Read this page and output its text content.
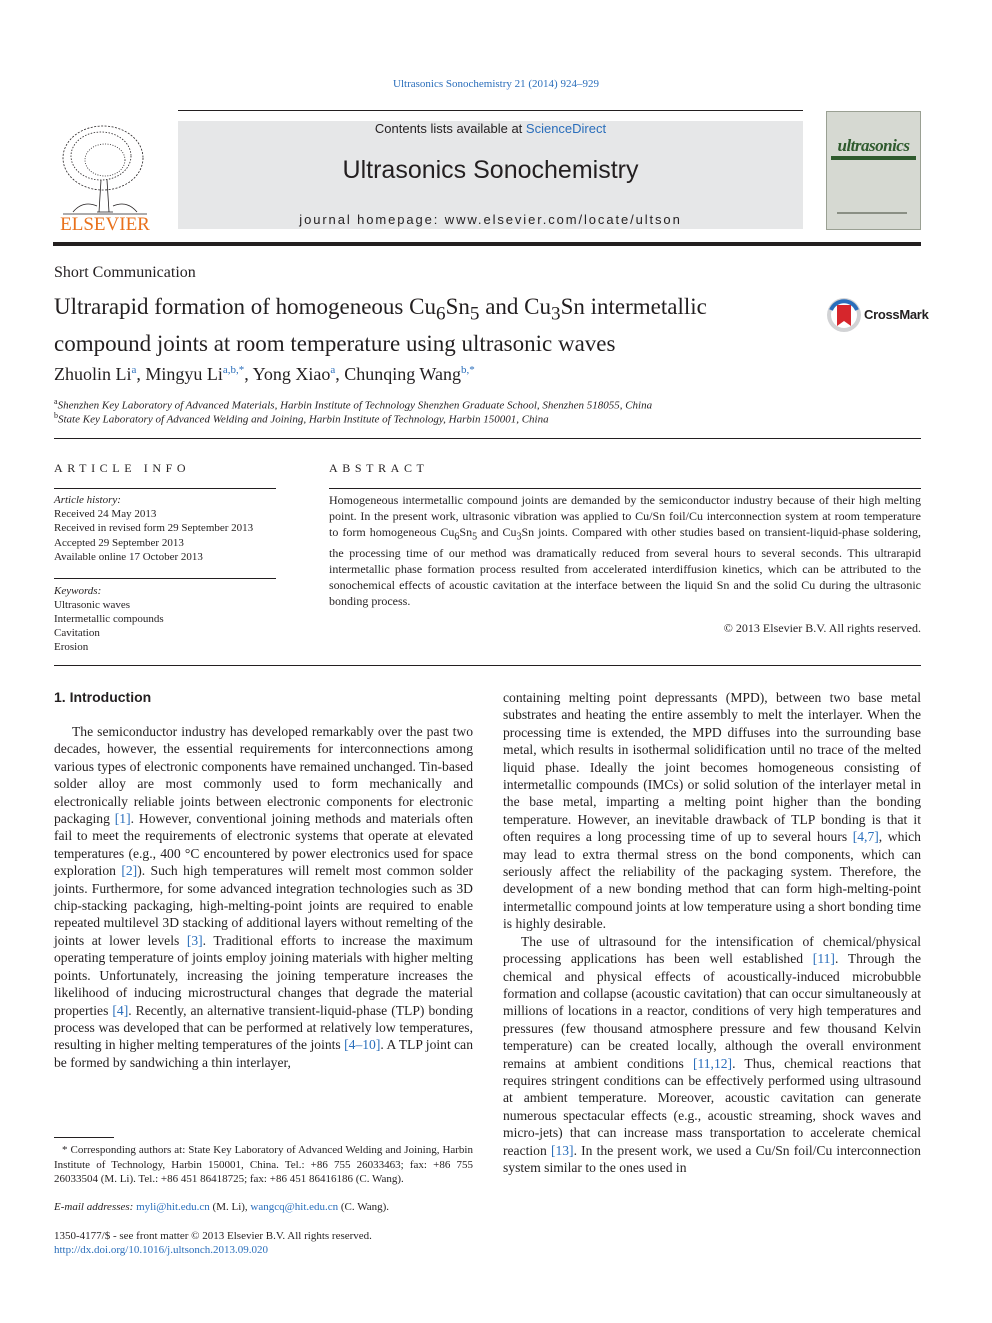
Ultrasonics Sonochemistry 21 (2014) 924–929
ELSEVIER
Contents lists available at ScienceDirect
Ultrasonics Sonochemistry
journal homepage: www.elsevier.com/locate/ultson
ultrasonics
Short Communication
Ultrarapid formation of homogeneous $Cu_6Sn_5$ and $Cu_3Sn$ intermetallic
compound joints at room temperature using ultrasonic waves
CrossMark
Zhuolin Li$^a$, Mingyu $Li^{a,b,*}$, Yong Xiao$^a$, Chunqing Wang$^{b,*}$
$^a$Shenzhen Key Laboratory of Advanced Materials, Harbin Institute of Technology Shenzhen Graduate School, Shenzhen 518055, China
$^b$State Key Laboratory of Advanced Welding and Joining, Harbin Institute of Technology, Harbin 150001, China
ARTICLE INFO	ABSTRACT
Article history:
Received 24 May 2013
Received in revised form 29 September 2013
Accepted 29 September 2013
Available online 17 October 2013
Keywords:
Ultrasonic waves
Intermetallic compounds
Cavitation
Erosion
Homogeneous intermetallic compound joints are demanded by the semiconductor industry because of their high melting point. In the present work, ultrasonic vibration was applied to Cu/Sn foil/Cu interconnection system at room temperature to form homogeneous $Cu_6Sn_5$ and $Cu_3Sn$ joints. Compared with other studies based on transient-liquid-phase soldering, the processing time of our method was dramatically reduced from several hours to several seconds. This ultrarapid intermetallic phase formation process resulted from accelerated interdiffusion kinetics, which can be attributed to the sonochemical effects of acoustic cavitation at the interface between the liquid Sn and the solid Cu during the ultrasonic bonding process.
© 2013 Elsevier B.V. All rights reserved.
1. Introduction
The semiconductor industry has developed remarkably over the past two decades, however, the essential requirements for interconnections among various types of electronic components have remained unchanged. Tin-based solder alloy are most commonly used to form mechanically and electronically reliable joints between electronic components for electronic packaging [1]. However, conventional joining methods and materials often fail to meet the requirements of electronic systems that operate at elevated temperatures (e.g., 400 °C encountered by power electronics used for space exploration [2]). Such high temperatures will remelt most common solder joints. Furthermore, for some advanced integration technologies such as 3D chip-stacking packaging, high-melting-point joints are required to enable repeated multilevel 3D stacking of additional layers without remelting of the joints at lower levels [3]. Traditional efforts to increase the maximum operating temperature of joints employ joining materials with higher melting points. Unfortunately, increasing the joining temperature increases the likelihood of inducing microstructural changes that degrade the material properties [4]. Recently, an alternative transient-liquid-phase (TLP) bonding process was developed that can be performed at relatively low temperatures, resulting in higher melting temperatures of the joints [4–10]. A TLP joint can be formed by sandwiching a thin interlayer,

containing melting point depressants (MPD), between two base metal substrates and heating the entire assembly to melt the interlayer. When the processing time is extended, the MPD diffuses into the surrounding base metal, which results in isothermal solidification until no trace of the melted liquid phase. Ideally the joint becomes homogeneous consisting of intermetallic compounds (IMCs) or solid solution of the interlayer metal in the base metal, imparting a melting point higher than the bonding temperature. However, an inevitable drawback of TLP bonding is that it often requires a long processing time of up to several hours [4,7], which may lead to extra thermal stress on the bond components, which can seriously affect the reliability of the packaging system. Therefore, the development of a new bonding method that can form high-melting-point intermetallic compound joints at low temperature using a short bonding time is highly desirable.

The use of ultrasound for the intensification of chemical/physical processing applications has been well established [11]. Through the chemical and physical effects of acoustically-induced microbubble formation and collapse (acoustic cavitation) that can occur simultaneously at millions of locations in a reactor, conditions of very high temperatures and pressures (few thousand atmosphere pressure and few thousand Kelvin temperature) can be created locally, although the overall environment remains at ambient conditions [11,12]. Thus, chemical reactions that requires stringent conditions can be effectively performed using ultrasound at ambient temperature. Moreover, acoustic cavitation can generate numerous spectacular effects (e.g., acoustic streaming, shock waves and micro-jets) that can increase mass transportation to accelerate chemical reaction [13]. In the present work, we used a Cu/Sn foil/Cu interconnection system similar to the ones used in

* Corresponding authors at: State Key Laboratory of Advanced Welding and Joining, Harbin Institute of Technology, Harbin 150001, China. Tel.: +86 755 26033463; fax: +86 755 26033504 (M. Li). Tel.: +86 451 86418725; fax: +86 451 86416186 (C. Wang).
E-mail addresses: myli@hit.edu.cn (M. Li), wangcq@hit.edu.cn (C. Wang).
1350-4177/$ - see front matter © 2013 Elsevier B.V. All rights reserved.
http://dx.doi.org/10.1016/j.ultsonch.2013.09.020
